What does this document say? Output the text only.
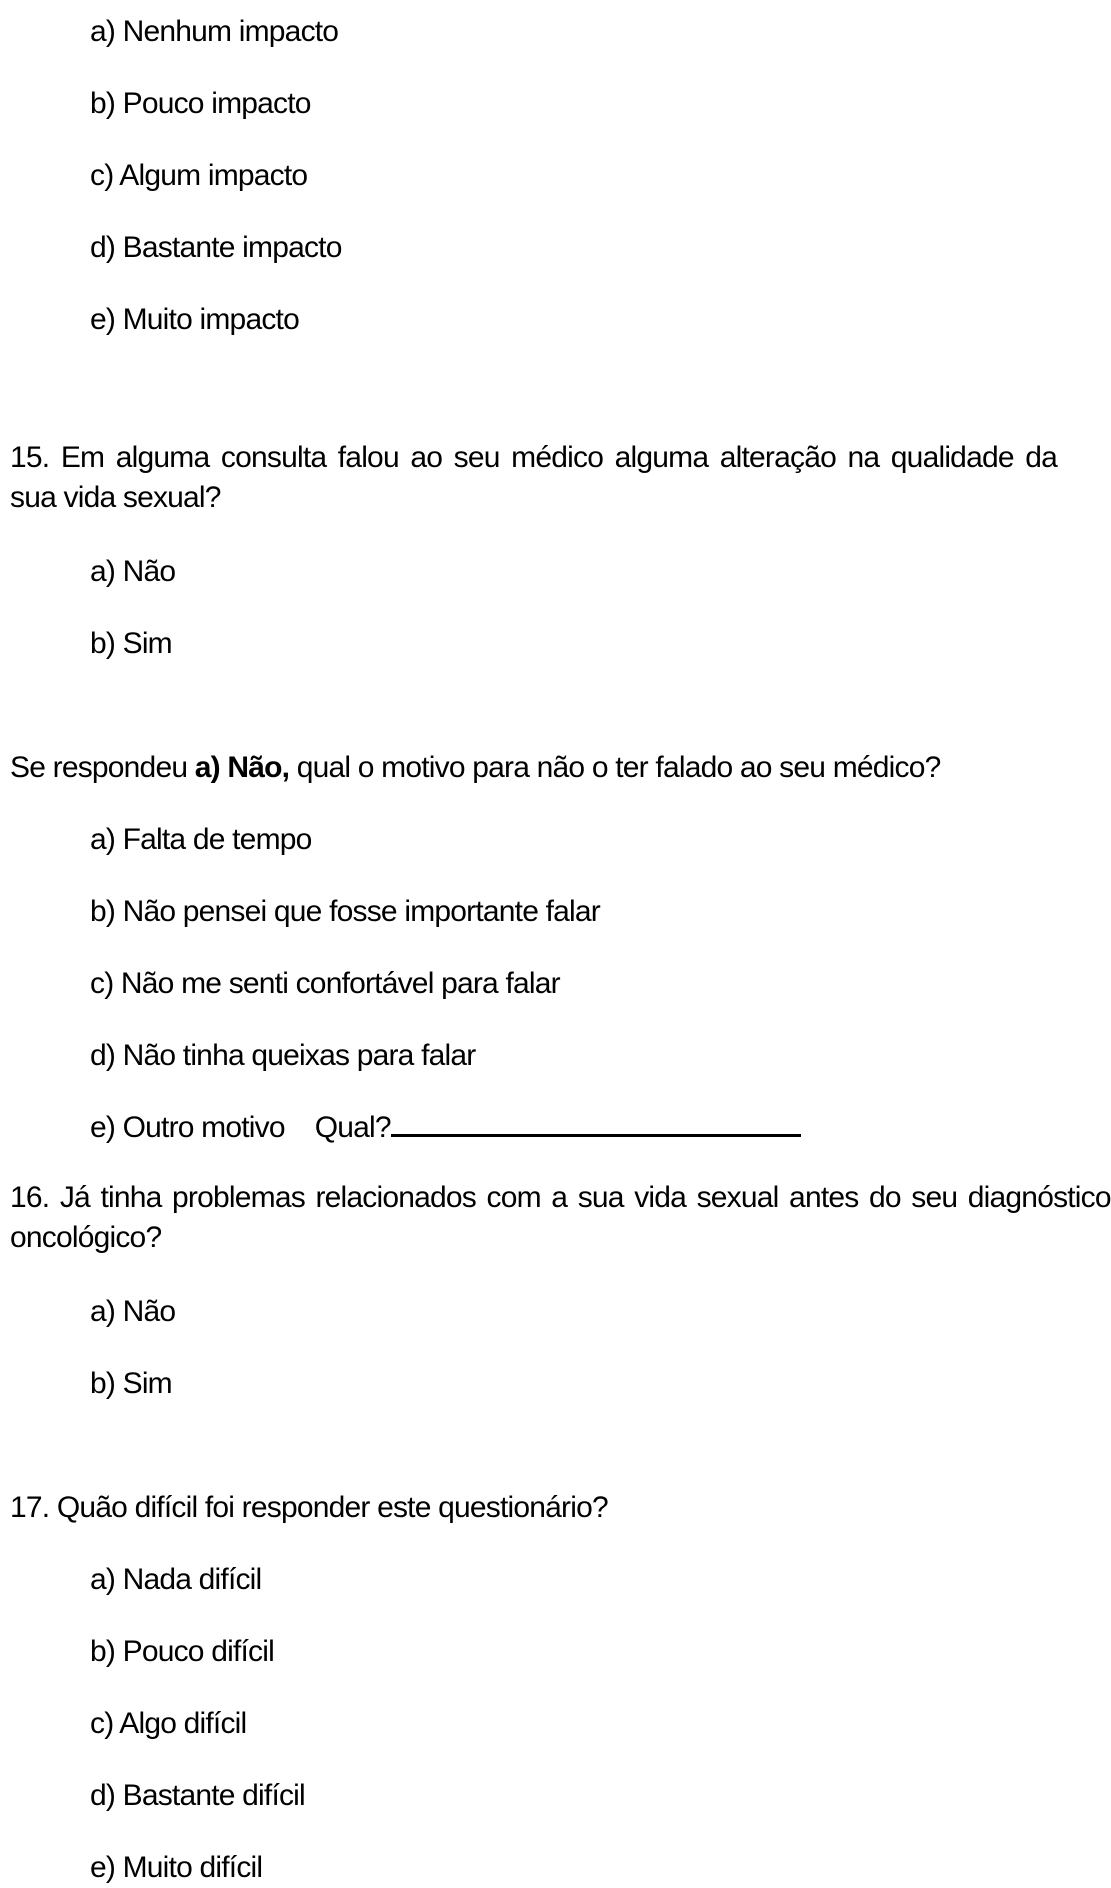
a) Nenhum impacto
b) Pouco impacto
c) Algum impacto
d) Bastante impacto
e) Muito impacto
15. Em alguma consulta falou ao seu médico alguma alteração na qualidade da
sua vida sexual?
a) Não
b) Sim
Se respondeu a) Não, qual o motivo para não o ter falado ao seu médico?
a) Falta de tempo
b) Não pensei que fosse importante falar
c) Não me senti confortável para falar
d) Não tinha queixas para falar
e) Outro motivo Qual?
16. Já tinha problemas relacionados com a sua vida sexual antes do seu diagnóstico
oncológico?
a) Não
b) Sim
17. Quão difícil foi responder este questionário?
a) Nada difícil
b) Pouco difícil
c) Algo difícil
d) Bastante difícil
e) Muito difícil
